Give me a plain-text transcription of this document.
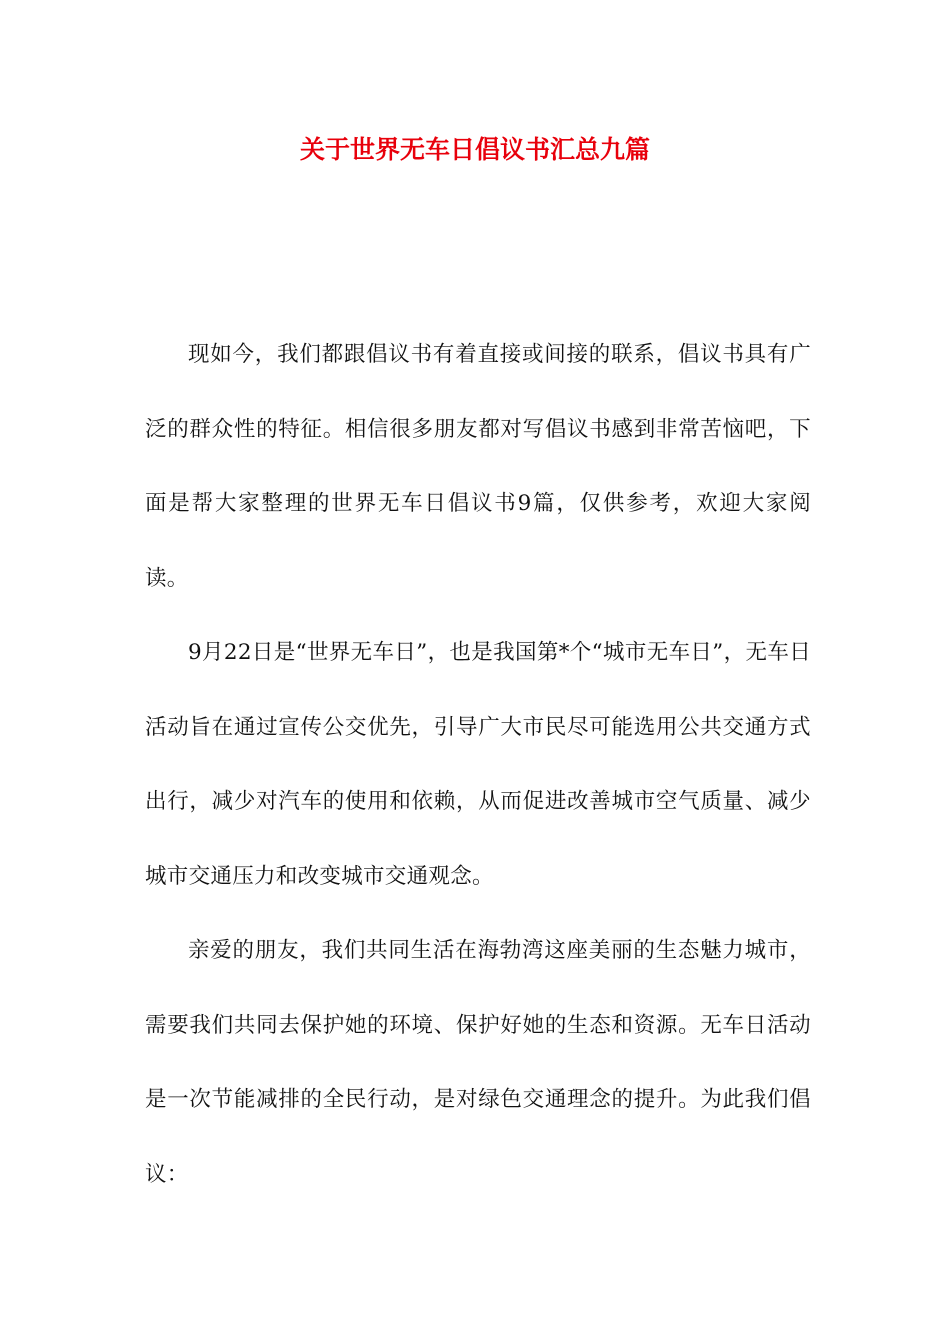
关于世界无车日倡议书汇总九篇

现如今，我们都跟倡议书有着直接或间接的联系，倡议书具有广泛的群众性的特征。相信很多朋友都对写倡议书感到非常苦恼吧，下面是帮大家整理的世界无车日倡议书9篇，仅供参考，欢迎大家阅读。

9月22日是“世界无车日”，也是我国第*个“城市无车日”，无车日活动旨在通过宣传公交优先，引导广大市民尽可能选用公共交通方式出行，减少对汽车的使用和依赖，从而促进改善城市空气质量、减少城市交通压力和改变城市交通观念。

亲爱的朋友，我们共同生活在海勃湾这座美丽的生态魅力城市，需要我们共同去保护她的环境、保护好她的生态和资源。无车日活动是一次节能减排的全民行动，是对绿色交通理念的提升。为此我们倡议：
